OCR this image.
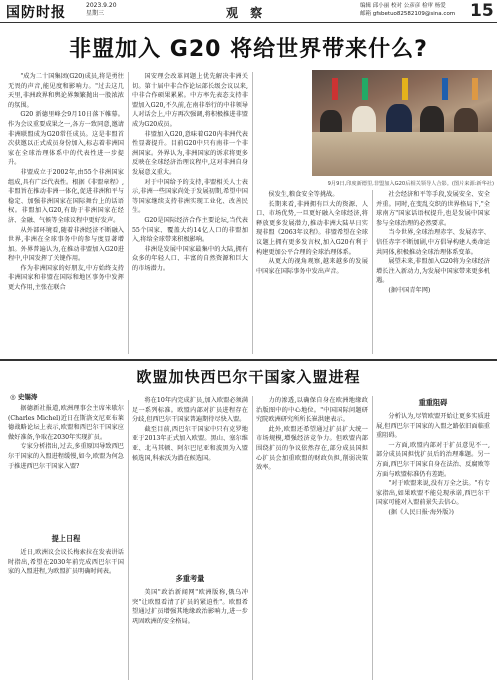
国防时报	2023.9.20
星期三	观 察	编辑 邱小丽 校对 公彦彦 检审 杨爱
邮箱 gfsbetuo82582109@sina.com 15
非盟加入 G20 将给世界带来什么?

"成为二十国集团(G20)成员,将是勇往无畏的声音,能见度和影响力。"过去这几天里,非洲政界和舆论界频繁抛出一股浓浓的氛围。

G20 新德里峰会9月10日落下帷幕。作为会议重要成果之一,各方一致同意,邀请非洲联盟成为G20常任成员。这是非盟首次获邀以正式成员身份加入,标志着非洲国家在全球治理体系中的代表性进一步提升。

非盟成立于2002年,由55个非洲国家组成,具有广泛代表性。根据《非盟章程》,非盟旨在推动非洲一体化,促进非洲和平与稳定、加强非洲国家在国际舞台上的话语权。非盟加入G20,有助于非洲国家在经济、金融、气候等全球议程中更好发声。

从外部环境看,随着非洲经济不断融入世界,非洲在全球事务中的参与度显著增加。外界普遍认为,在推动非盟加入G20进程中,中国发挥了关键作用。

作为非洲国家的好朋友,中方始终支持非洲国家和非盟在国际和地区事务中发挥更大作用,主张在联合

国安理会改革问题上优先解决非洲关切。第十届中非合作论坛部长级会议以来,中非合作硕果累累。中方率先表态支持非盟加入G20,不久前,在南非举行的中非领导人对话会上,中方再次强调,将积极推进非盟成为G20成员。

非盟加入G20,意味着G20内非洲代表性显著提升。目前G20中只有南非一个非洲国家。外界认为,非洲国家的诉求将更多反映在全球经济治理议程中,这对非洲自身发展意义重大。

对于中国给予的支持,非盟相关人士表示,非洲一些国家尚处于发展初期,希望中国等国家继续支持非洲实现工业化、改善民生。

G20是国际经济合作主要论坛,当代表55个国家、覆盖大约14亿人口的非盟加入,将给全球带来积极影响。

非洲是发展中国家最集中的大陆,拥有众多的年轻人口、丰富的自然资源和巨大的市场潜力。

9月9日,印度新德里,非盟加入G20后相关领导人合影。(图片来源:新华社)

侯发生,粮食安全等挑战。

长期来看,非洲拥有巨大的资源、人口、市场优势,一旦更好融入全球经济,将释放更多发展潜力,推动非洲大陆早日实现非盟《2063年议程》。非盟希望在全球议题上拥有更多发言权,加入G20有利于构建更加公平合理的全球治理体系。

从更大的视角观察,越来越多的发展中国家在国际事务中发出声音。

社会经济和平等手段,发展安全、安全并重。同时,在变乱交织的世界格局下,"全球南方"国家话语权提升,也是发展中国家参与全球治理的必然要求。

当今世界,全球治理赤字、发展赤字、信任赤字不断加剧,中方倡导构建人类命运共同体,积极推动全球治理体系变革。

展望未来,非盟加入G20将为全球经济增长注入新动力,为发展中国家带来更多机遇。

(据中国青年网)

欧盟加快西巴尔干国家入盟进程
◎ 史锡涛

据德新社报道,欧洲理事会主席米歇尔(Charles Michel)近日在斯洛文尼亚布莱德战略论坛上表示,欧盟和西巴尔干国家应做好准备,争取在2030年实现扩员。

专家分析指出,过去,多重原因导致西巴尔干国家的入盟进程缓慢,如今,欧盟为何急于推进西巴尔干国家入盟?

提上日程

近日,欧洲议会议长梅索拉在发表讲话时指出,希望在2030年前完成西巴尔干国家的入盟进程,为欧盟扩员明确时间表。

将在10年内完成扩员,加入欧盟必须满足一系列标准。欧盟内部对扩员进程存在分歧,但西巴尔干国家普遍期待尽快入盟。

截至目前,西巴尔干国家中只有克罗地亚于2013年正式加入欧盟。黑山、塞尔维亚、北马其顿、阿尔巴尼亚和波黑为入盟候选国,科索沃为潜在候选国。

多重考量

美国"政治新闻网"欧洲版称,俄乌冲突"让欧盟看清了扩员的紧迫性"。欧盟希望通过扩员增强其地缘政治影响力,进一步巩固欧洲的安全格局。

力的渗透,以确保自身在欧洲地缘政治版图中的中心地位。"中国国际问题研究院欧洲研究所所长崔洪建表示。

此外,欧盟还希望通过扩员扩大统一市场规模,增强经济竞争力。但欧盟内部围绕扩员的争议依然存在,部分成员国担心扩员会加重欧盟的财政负担,削弱决策效率。

重重阻碍

分析认为,尽管欧盟开始让更多实质进展,但西巴尔干国家的入盟之路依旧面临重重阻碍。

一方面,欧盟内部对于扩员意见不一,部分成员国担忧扩员后的治理难题。另一方面,西巴尔干国家自身在法治、反腐败等方面与欧盟标准仍有差距。

"对于欧盟来说,没有万全之法。"有专家指出,如果欧盟不能兑现承诺,西巴尔干国家可能对入盟前景失去信心。

(据《人民日报·海外版》)
